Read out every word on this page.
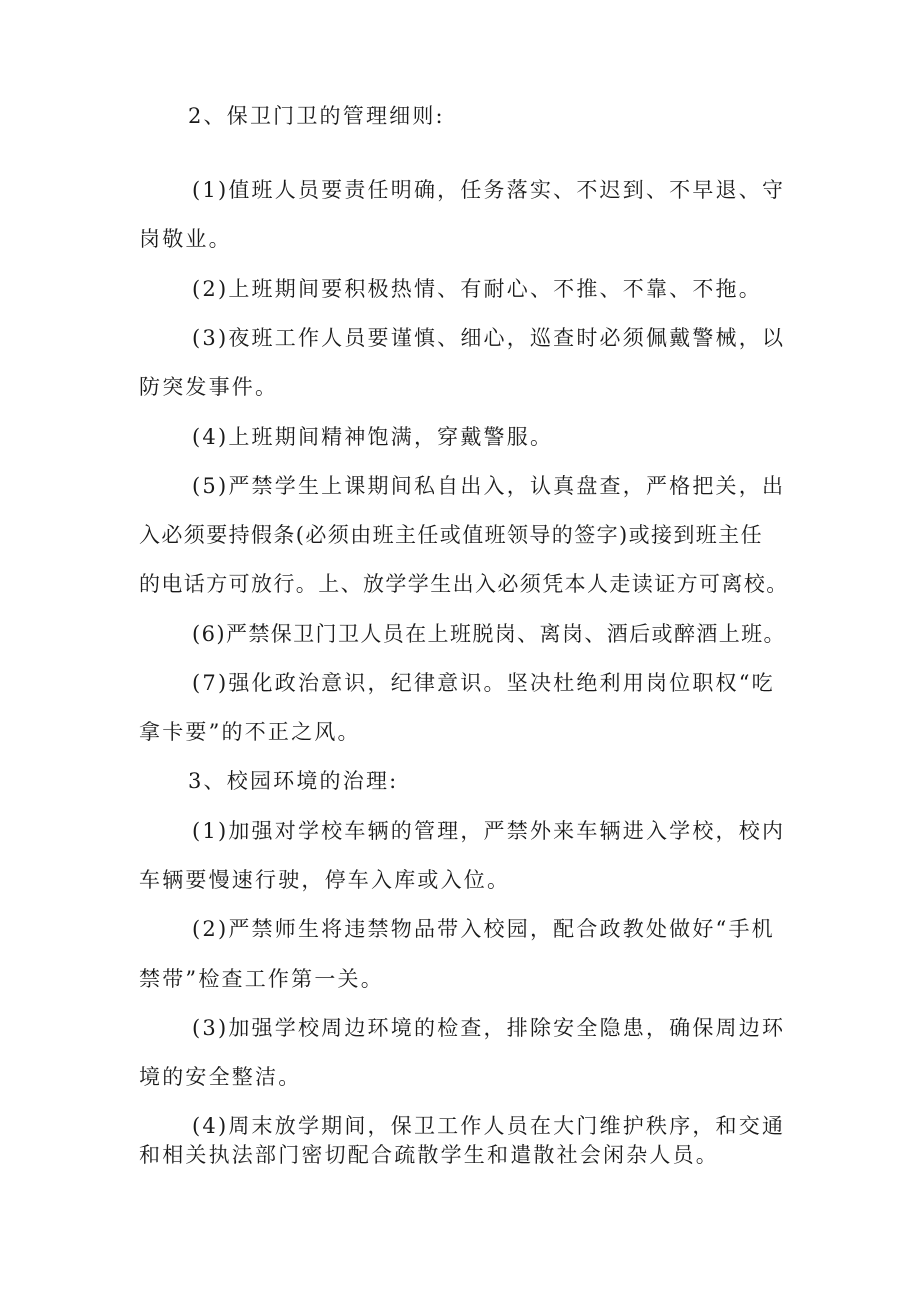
2、保卫门卫的管理细则:
(1)值班人员要责任明确，任务落实、不迟到、不早退、守
岗敬业。
(2)上班期间要积极热情、有耐心、不推、不靠、不拖。
(3)夜班工作人员要谨慎、细心，巡查时必须佩戴警械，以
防突发事件。
(4)上班期间精神饱满，穿戴警服。
(5)严禁学生上课期间私自出入，认真盘查，严格把关，出
入必须要持假条(必须由班主任或值班领导的签字)或接到班主任
的电话方可放行。上、放学学生出入必须凭本人走读证方可离校。
(6)严禁保卫门卫人员在上班脱岗、离岗、酒后或醉酒上班。
(7)强化政治意识，纪律意识。坚决杜绝利用岗位职权“吃
拿卡要”的不正之风。
3、校园环境的治理:
(1)加强对学校车辆的管理，严禁外来车辆进入学校，校内
车辆要慢速行驶，停车入库或入位。
(2)严禁师生将违禁物品带入校园，配合政教处做好“手机
禁带”检查工作第一关。
(3)加强学校周边环境的检查，排除安全隐患，确保周边环
境的安全整洁。
(4)周末放学期间，保卫工作人员在大门维护秩序，和交通
和相关执法部门密切配合疏散学生和遣散社会闲杂人员。
